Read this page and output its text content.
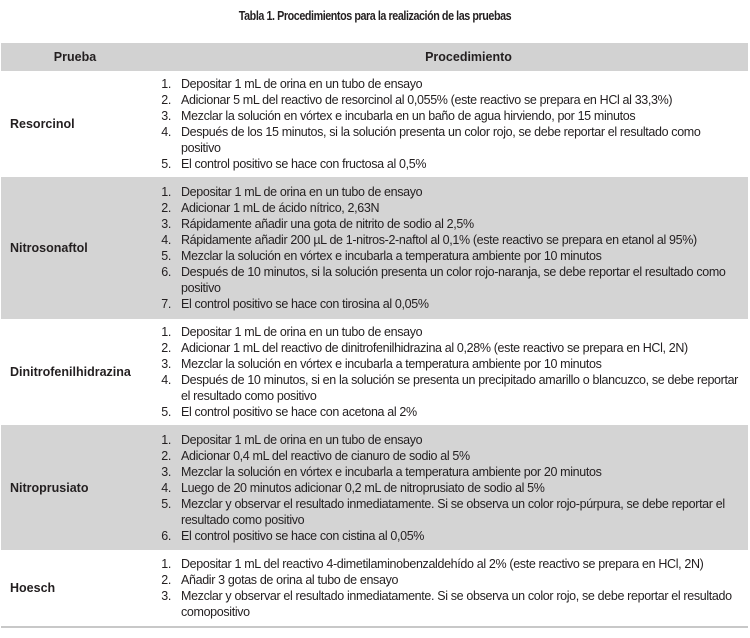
Tabla 1. Procedimientos para la realización de las pruebas
Prueba	Procedimiento
Resorcinol	
1. Depositar 1 mL de orina en un tubo de ensayo
2. Adicionar 5 mL del reactivo de resorcinol al 0,055% (este reactivo se prepara en HCl al 33,3%)
3. Mezclar la solución en vórtex e incubarla en un baño de agua hirviendo, por 15 minutos
4. Después de los 15 minutos, si la solución presenta un color rojo, se debe reportar el resultado como positivo
5. El control positivo se hace con fructosa al 0,5%

Nitrosonaftol	
1. Depositar 1 mL de orina en un tubo de ensayo
2. Adicionar 1 mL de ácido nítrico, 2,63N
3. Rápidamente añadir una gota de nitrito de sodio al 2,5%
4. Rápidamente añadir 200 µL de 1-nitros-2-naftol al 0,1% (este reactivo se prepara en etanol al 95%)
5. Mezclar la solución en vórtex e incubarla a temperatura ambiente por 10 minutos
6. Después de 10 minutos, si la solución presenta un color rojo-naranja, se debe reportar el resultado como positivo
7. El control positivo se hace con tirosina al 0,05%

Dinitrofenilhidrazina	
1. Depositar 1 mL de orina en un tubo de ensayo
2. Adicionar 1 mL del reactivo de dinitrofenilhidrazina al 0,28% (este reactivo se prepara en HCl, 2N)
3. Mezclar la solución en vórtex e incubarla a temperatura ambiente por 10 minutos
4. Después de 10 minutos, si en la solución se presenta un precipitado amarillo o blancuzco, se debe reportar el resultado como positivo
5. El control positivo se hace con acetona al 2%

Nitroprusiato	
1. Depositar 1 mL de orina en un tubo de ensayo
2. Adicionar 0,4 mL del reactivo de cianuro de sodio al 5%
3. Mezclar la solución en vórtex e incubarla a temperatura ambiente por 20 minutos
4. Luego de 20 minutos adicionar 0,2 mL de nitroprusiato de sodio al 5%
5. Mezclar y observar el resultado inmediatamente. Si se observa un color rojo-púrpura, se debe reportar el resultado como positivo
6. El control positivo se hace con cistina al 0,05%

Hoesch	
1. Depositar 1 mL del reactivo 4-dimetilaminobenzaldehído al 2% (este reactivo se prepara en HCl, 2N)
2. Añadir 3 gotas de orina al tubo de ensayo
3. Mezclar y observar el resultado inmediatamente. Si se observa un color rojo, se debe reportar el resultado comopositivo
